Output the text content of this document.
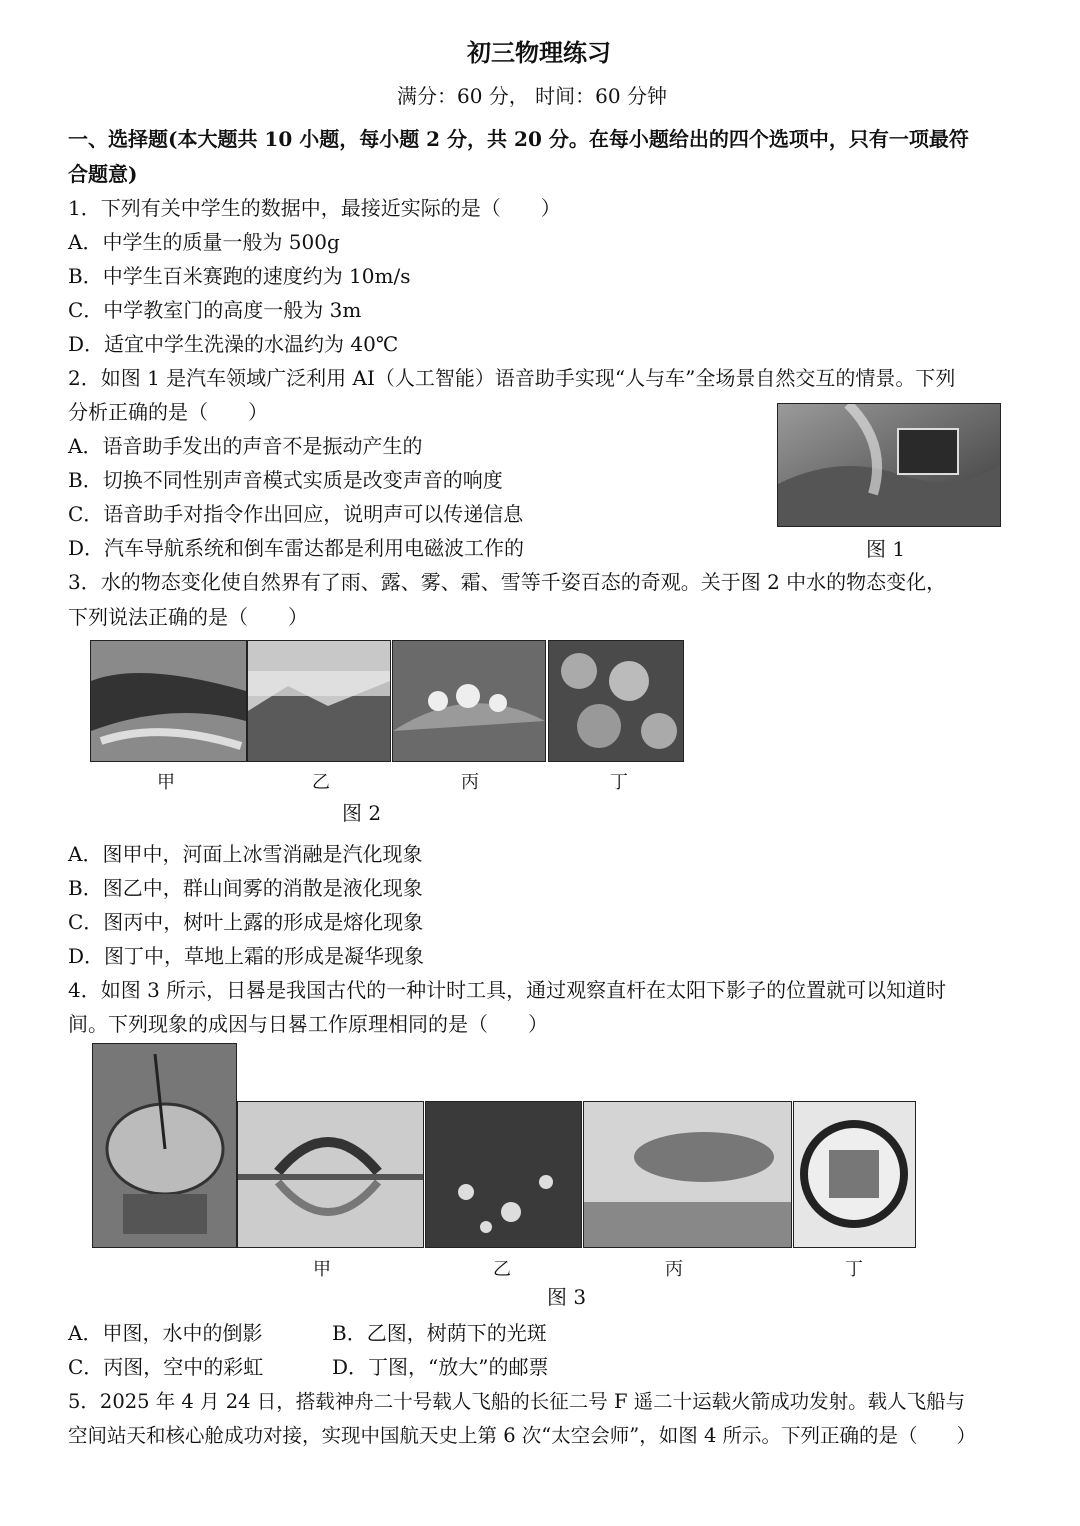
初三物理练习
满分：60 分， 时间：60 分钟
一、选择题(本大题共 10 小题，每小题 2 分，共 20 分。在每小题给出的四个选项中，只有一项最符
合题意)
1．下列有关中学生的数据中，最接近实际的是（　　）
A．中学生的质量一般为 500g
B．中学生百米赛跑的速度约为 10m/s
C．中学教室门的高度一般为 3m
D．适宜中学生洗澡的水温约为 40℃
2．如图 1 是汽车领域广泛利用 AI（人工智能）语音助手实现“人与车”全场景自然交互的情景。下列
分析正确的是（　　）
A．语音助手发出的声音不是振动产生的
B．切换不同性别声音模式实质是改变声音的响度
C．语音助手对指令作出回应，说明声可以传递信息
D．汽车导航系统和倒车雷达都是利用电磁波工作的	图 1
3．水的物态变化使自然界有了雨、露、雾、霜、雪等千姿百态的奇观。关于图 2 中水的物态变化，
下列说法正确的是（　　）
甲	乙	丙	丁
图 2
A．图甲中，河面上冰雪消融是汽化现象
B．图乙中，群山间雾的消散是液化现象
C．图丙中，树叶上露的形成是熔化现象
D．图丁中，草地上霜的形成是凝华现象
4．如图 3 所示，日晷是我国古代的一种计时工具，通过观察直杆在太阳下影子的位置就可以知道时
间。下列现象的成因与日晷工作原理相同的是（　　）
甲	乙	丙	丁
图 3
A．甲图，水中的倒影	B．乙图，树荫下的光斑
C．丙图，空中的彩虹	D．丁图，“放大”的邮票
5．2025 年 4 月 24 日，搭载神舟二十号载人飞船的长征二号 F 遥二十运载火箭成功发射。载人飞船与
空间站天和核心舱成功对接，实现中国航天史上第 6 次“太空会师”，如图 4 所示。下列正确的是（　　）
